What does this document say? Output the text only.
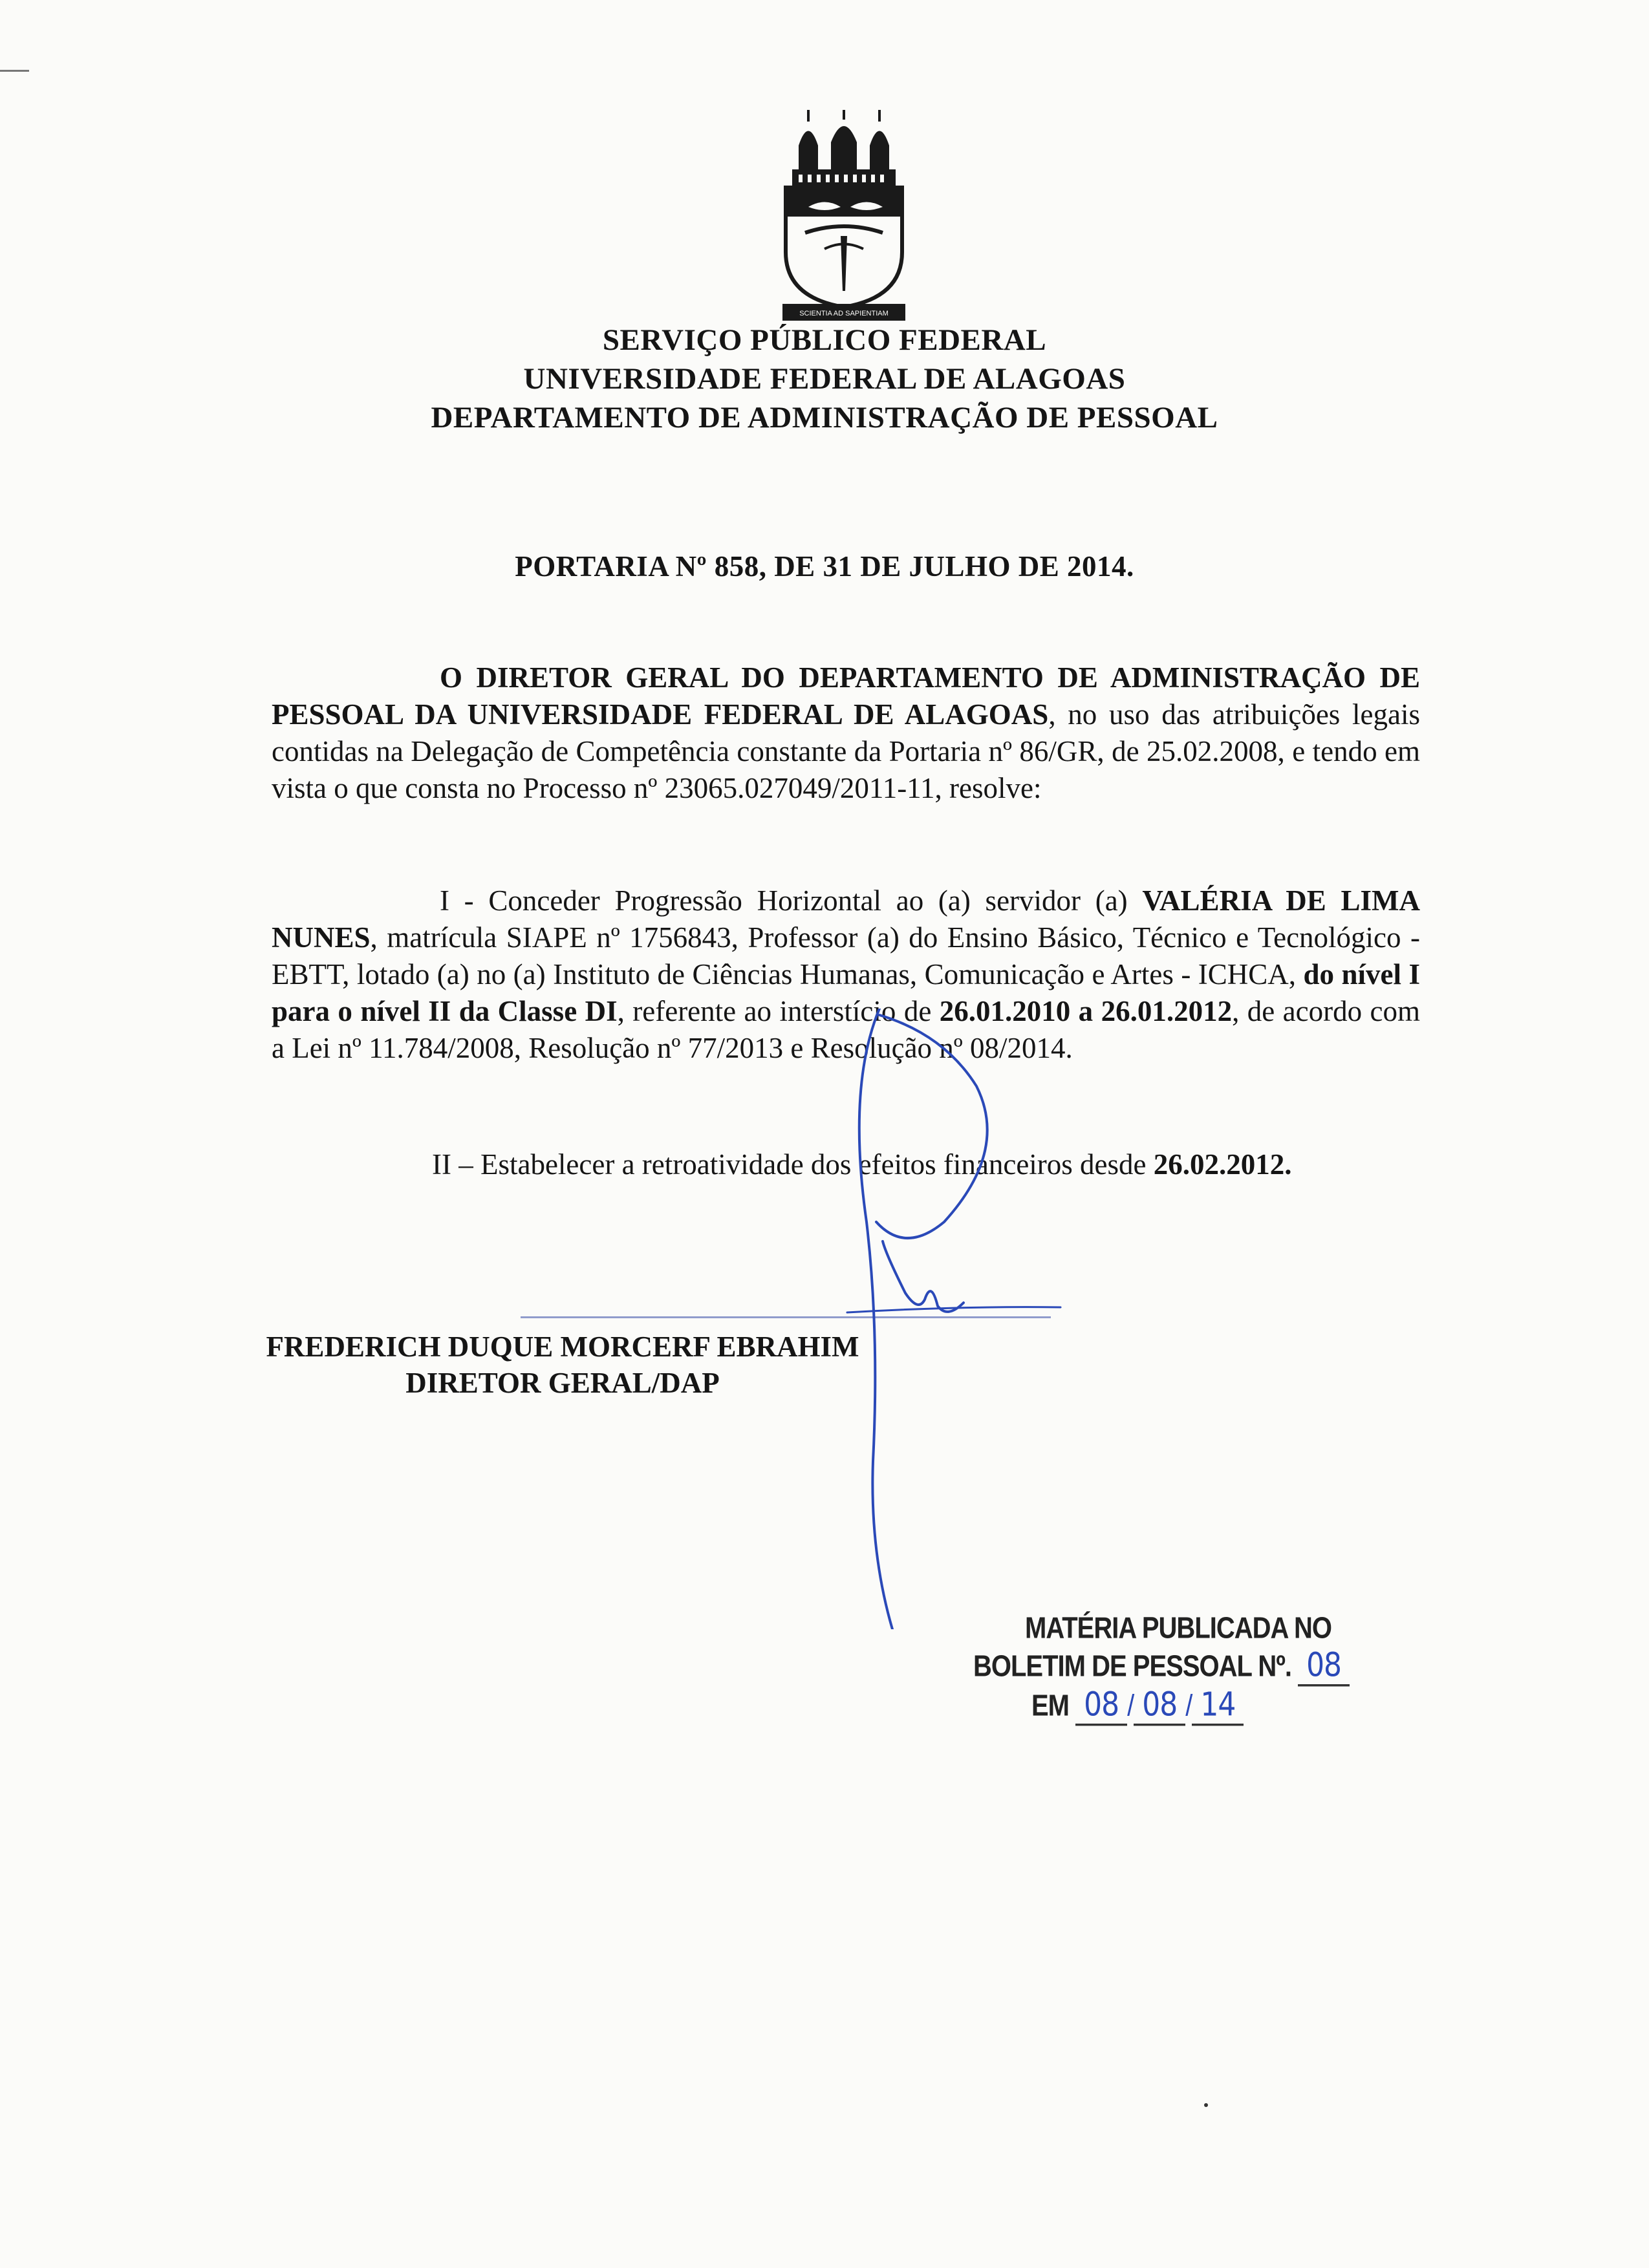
SCIENTIA AD SAPIENTIAM
SERVIÇO PÚBLICO FEDERAL
UNIVERSIDADE FEDERAL DE ALAGOAS
DEPARTAMENTO DE ADMINISTRAÇÃO DE PESSOAL
PORTARIA Nº 858, DE 31 DE JULHO DE 2014.
O DIRETOR GERAL DO DEPARTAMENTO DE ADMINISTRAÇÃO DE PESSOAL DA UNIVERSIDADE FEDERAL DE ALAGOAS, no uso das atribuições legais contidas na Delegação de Competência constante da Portaria nº 86/GR, de 25.02.2008, e tendo em vista o que consta no Processo nº 23065.027049/2011-11, resolve:
I - Conceder Progressão Horizontal ao (a) servidor (a) VALÉRIA DE LIMA NUNES, matrícula SIAPE nº 1756843, Professor (a) do Ensino Básico, Técnico e Tecnológico - EBTT, lotado (a) no (a) Instituto de Ciências Humanas, Comunicação e Artes - ICHCA, do nível I para o nível II da Classe DI, referente ao interstício de 26.01.2010 a 26.01.2012, de acordo com a Lei nº 11.784/2008, Resolução nº 77/2013 e Resolução nº 08/2014.
II – Estabelecer a retroatividade dos efeitos financeiros desde 26.02.2012.
FREDERICH DUQUE MORCERF EBRAHIM
DIRETOR GERAL/DAP
MATÉRIA PUBLICADA NO
BOLETIM DE PESSOAL Nº. 08
EM 08 / 08 / 14
